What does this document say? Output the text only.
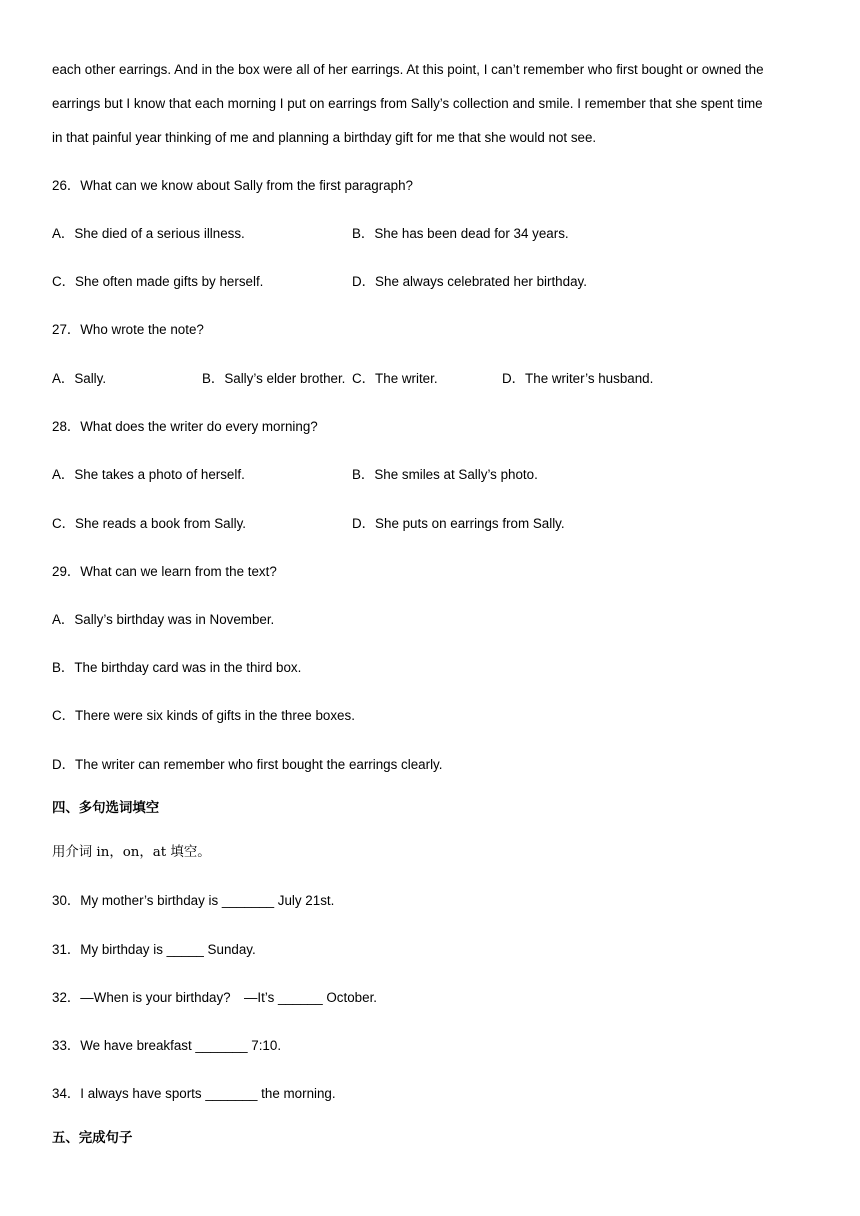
each other earrings. And in the box were all of her earrings. At this point, I can’t remember who first bought or owned the
earrings but I know that each morning I put on earrings from Sally’s collection and smile. I remember that she spent time
in that painful year thinking of me and planning a birthday gift for me that she would not see.
26．What can we know about Sally from the first paragraph?
A．She died of a serious illness.	B．She has been dead for 34 years.
C．She often made gifts by herself.	D．She always celebrated her birthday.
27．Who wrote the note?
A．Sally.	B．Sally’s elder brother. C．The writer.	D．The writer’s husband.
28．What does the writer do every morning?
A．She takes a photo of herself.	B．She smiles at Sally’s photo.
C．She reads a book from Sally.	D．She puts on earrings from Sally.
29．What can we learn from the text?
A．Sally’s birthday was in November.
B．The birthday card was in the third box.
C．There were six kinds of gifts in the three boxes.
D．The writer can remember who first bought the earrings clearly.
四、多句选词填空
用介词 in，on，at 填空。
30．My mother’s birthday is _______ July 21st.
31．My birthday is _____ Sunday.
32．—When is your birthday?　—It’s ______ October.
33．We have breakfast _______ 7:10.
34．I always have sports _______ the morning.
五、完成句子
